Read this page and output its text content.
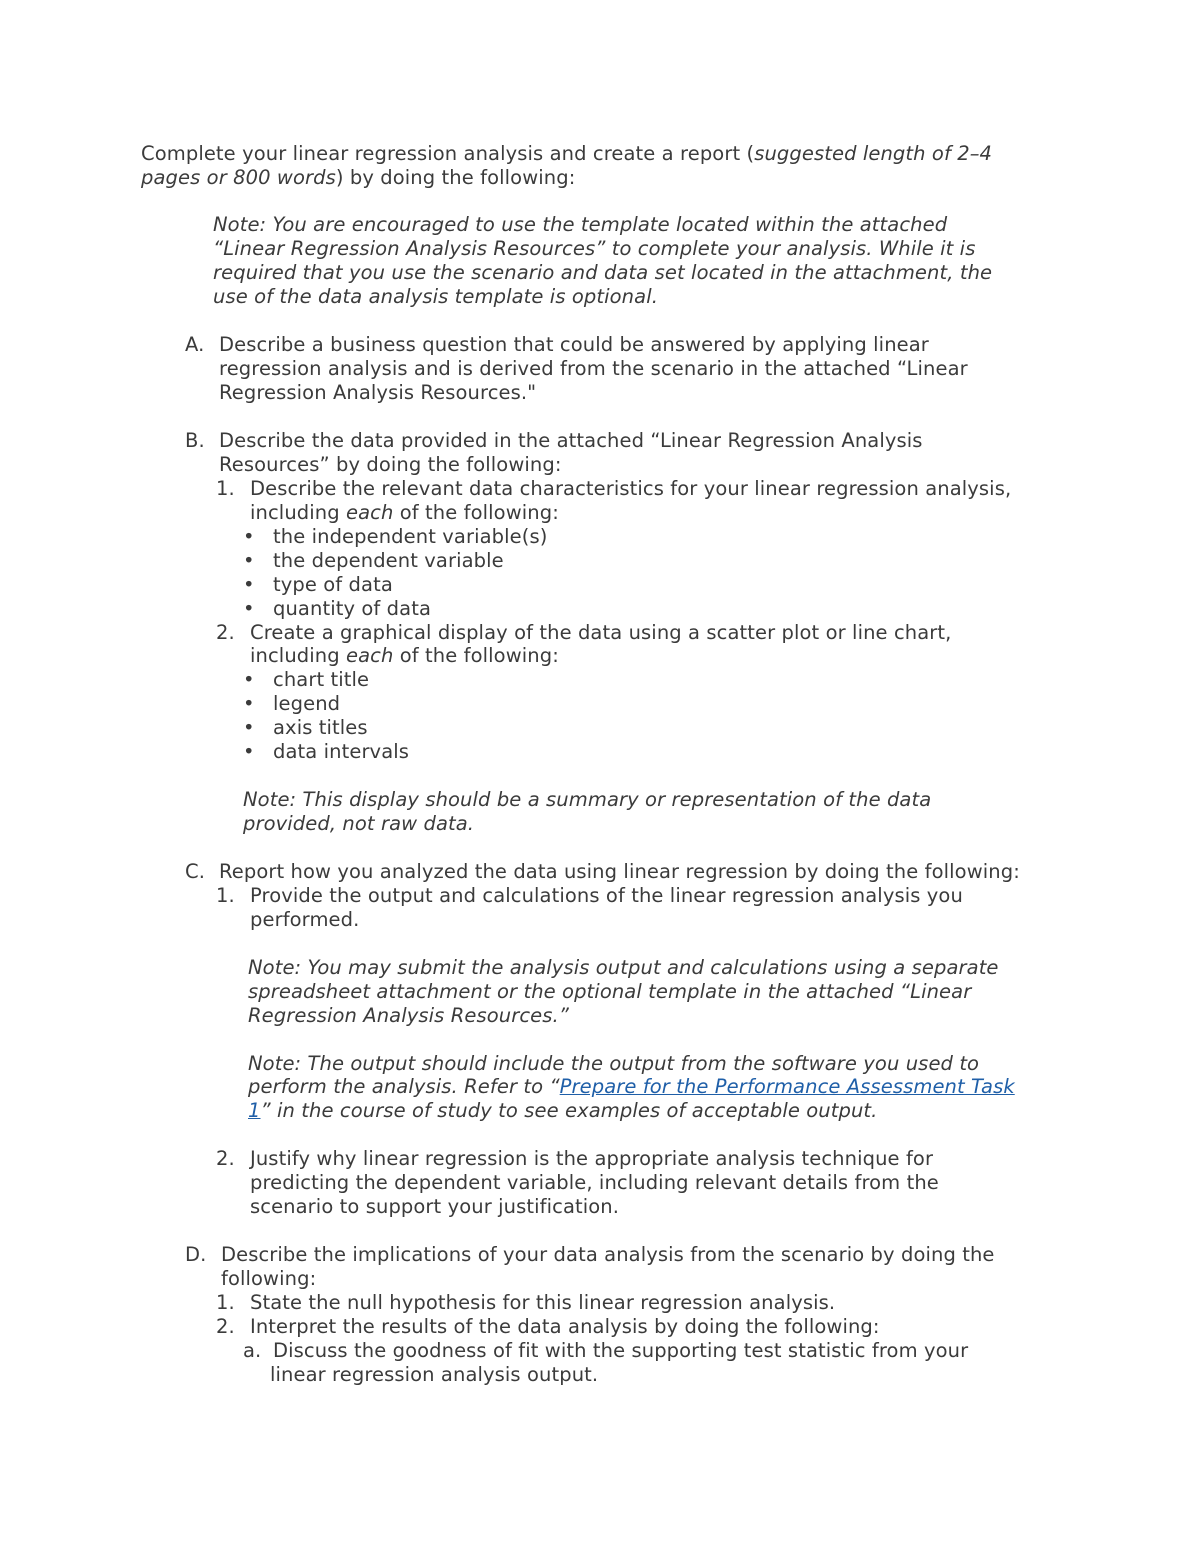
Complete your linear regression analysis and create a report (suggested length of 2–4
pages or 800 words) by doing the following:
Note: You are encouraged to use the template located within the attached
“Linear Regression Analysis Resources” to complete your analysis. While it is
required that you use the scenario and data set located in the attachment, the
use of the data analysis template is optional.
A. Describe a business question that could be answered by applying linear
regression analysis and is derived from the scenario in the attached “Linear
Regression Analysis Resources."
B. Describe the data provided in the attached “Linear Regression Analysis
Resources” by doing the following:
1. Describe the relevant data characteristics for your linear regression analysis,
including each of the following:
• the independent variable(s)
• the dependent variable
• type of data
• quantity of data
2. Create a graphical display of the data using a scatter plot or line chart,
including each of the following:
• chart title
• legend
• axis titles
• data intervals
Note: This display should be a summary or representation of the data
provided, not raw data.
C. Report how you analyzed the data using linear regression by doing the following:
1. Provide the output and calculations of the linear regression analysis you
performed.
Note: You may submit the analysis output and calculations using a separate
spreadsheet attachment or the optional template in the attached “Linear
Regression Analysis Resources.”
Note: The output should include the output from the software you used to
perform the analysis. Refer to “Prepare for the Performance Assessment Task
1” in the course of study to see examples of acceptable output.
2. Justify why linear regression is the appropriate analysis technique for
predicting the dependent variable, including relevant details from the
scenario to support your justification.
D. Describe the implications of your data analysis from the scenario by doing the
following:
1. State the null hypothesis for this linear regression analysis.
2. Interpret the results of the data analysis by doing the following:
a. Discuss the goodness of fit with the supporting test statistic from your
linear regression analysis output.
